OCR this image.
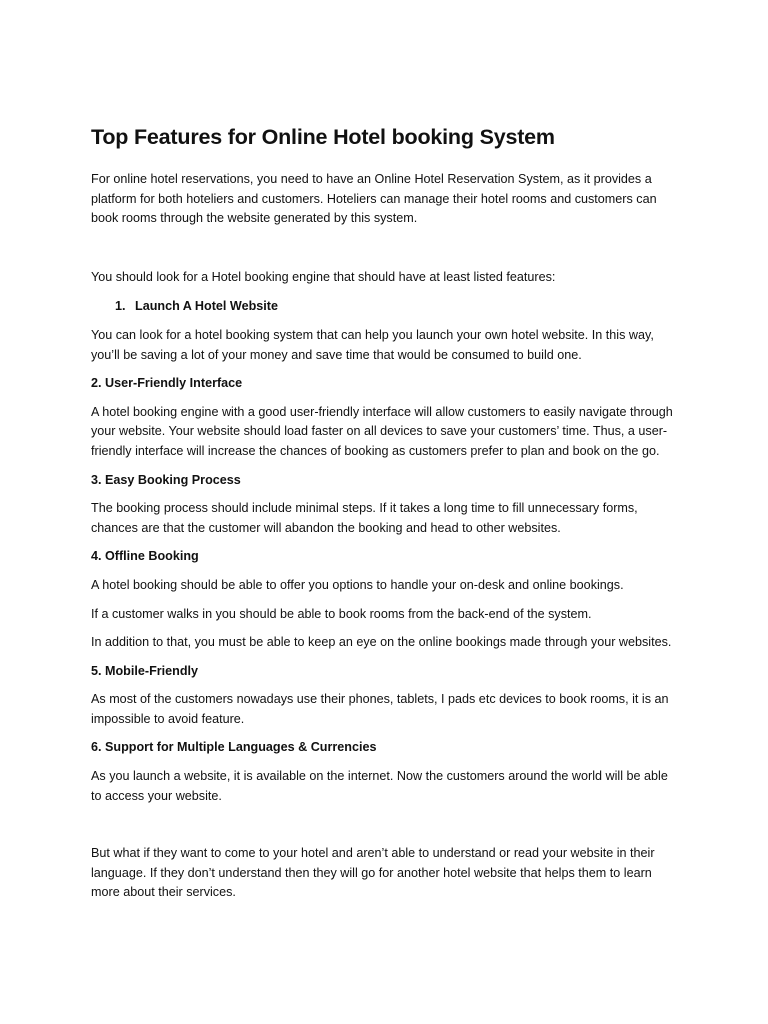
Top Features for Online Hotel booking System

For online hotel reservations, you need to have an Online Hotel Reservation System, as it provides a platform for both hoteliers and customers. Hoteliers can manage their hotel rooms and customers can book rooms through the website generated by this system.

You should look for a Hotel booking engine that should have at least listed features:

1. Launch A Hotel Website

You can look for a hotel booking system that can help you launch your own hotel website. In this way, you’ll be saving a lot of your money and save time that would be consumed to build one.

2. User-Friendly Interface

A hotel booking engine with a good user-friendly interface will allow customers to easily navigate through your website. Your website should load faster on all devices to save your customers’ time. Thus, a user-friendly interface will increase the chances of booking as customers prefer to plan and book on the go.

3. Easy Booking Process

The booking process should include minimal steps. If it takes a long time to fill unnecessary forms, chances are that the customer will abandon the booking and head to other websites.

4. Offline Booking

A hotel booking should be able to offer you options to handle your on-desk and online bookings.

If a customer walks in you should be able to book rooms from the back-end of the system.

In addition to that, you must be able to keep an eye on the online bookings made through your websites.

5. Mobile-Friendly

As most of the customers nowadays use their phones, tablets, I pads etc devices to book rooms, it is an impossible to avoid feature.

6. Support for Multiple Languages & Currencies

As you launch a website, it is available on the internet. Now the customers around the world will be able to access your website.

But what if they want to come to your hotel and aren’t able to understand or read your website in their language. If they don’t understand then they will go for another hotel website that helps them to learn more about their services.
